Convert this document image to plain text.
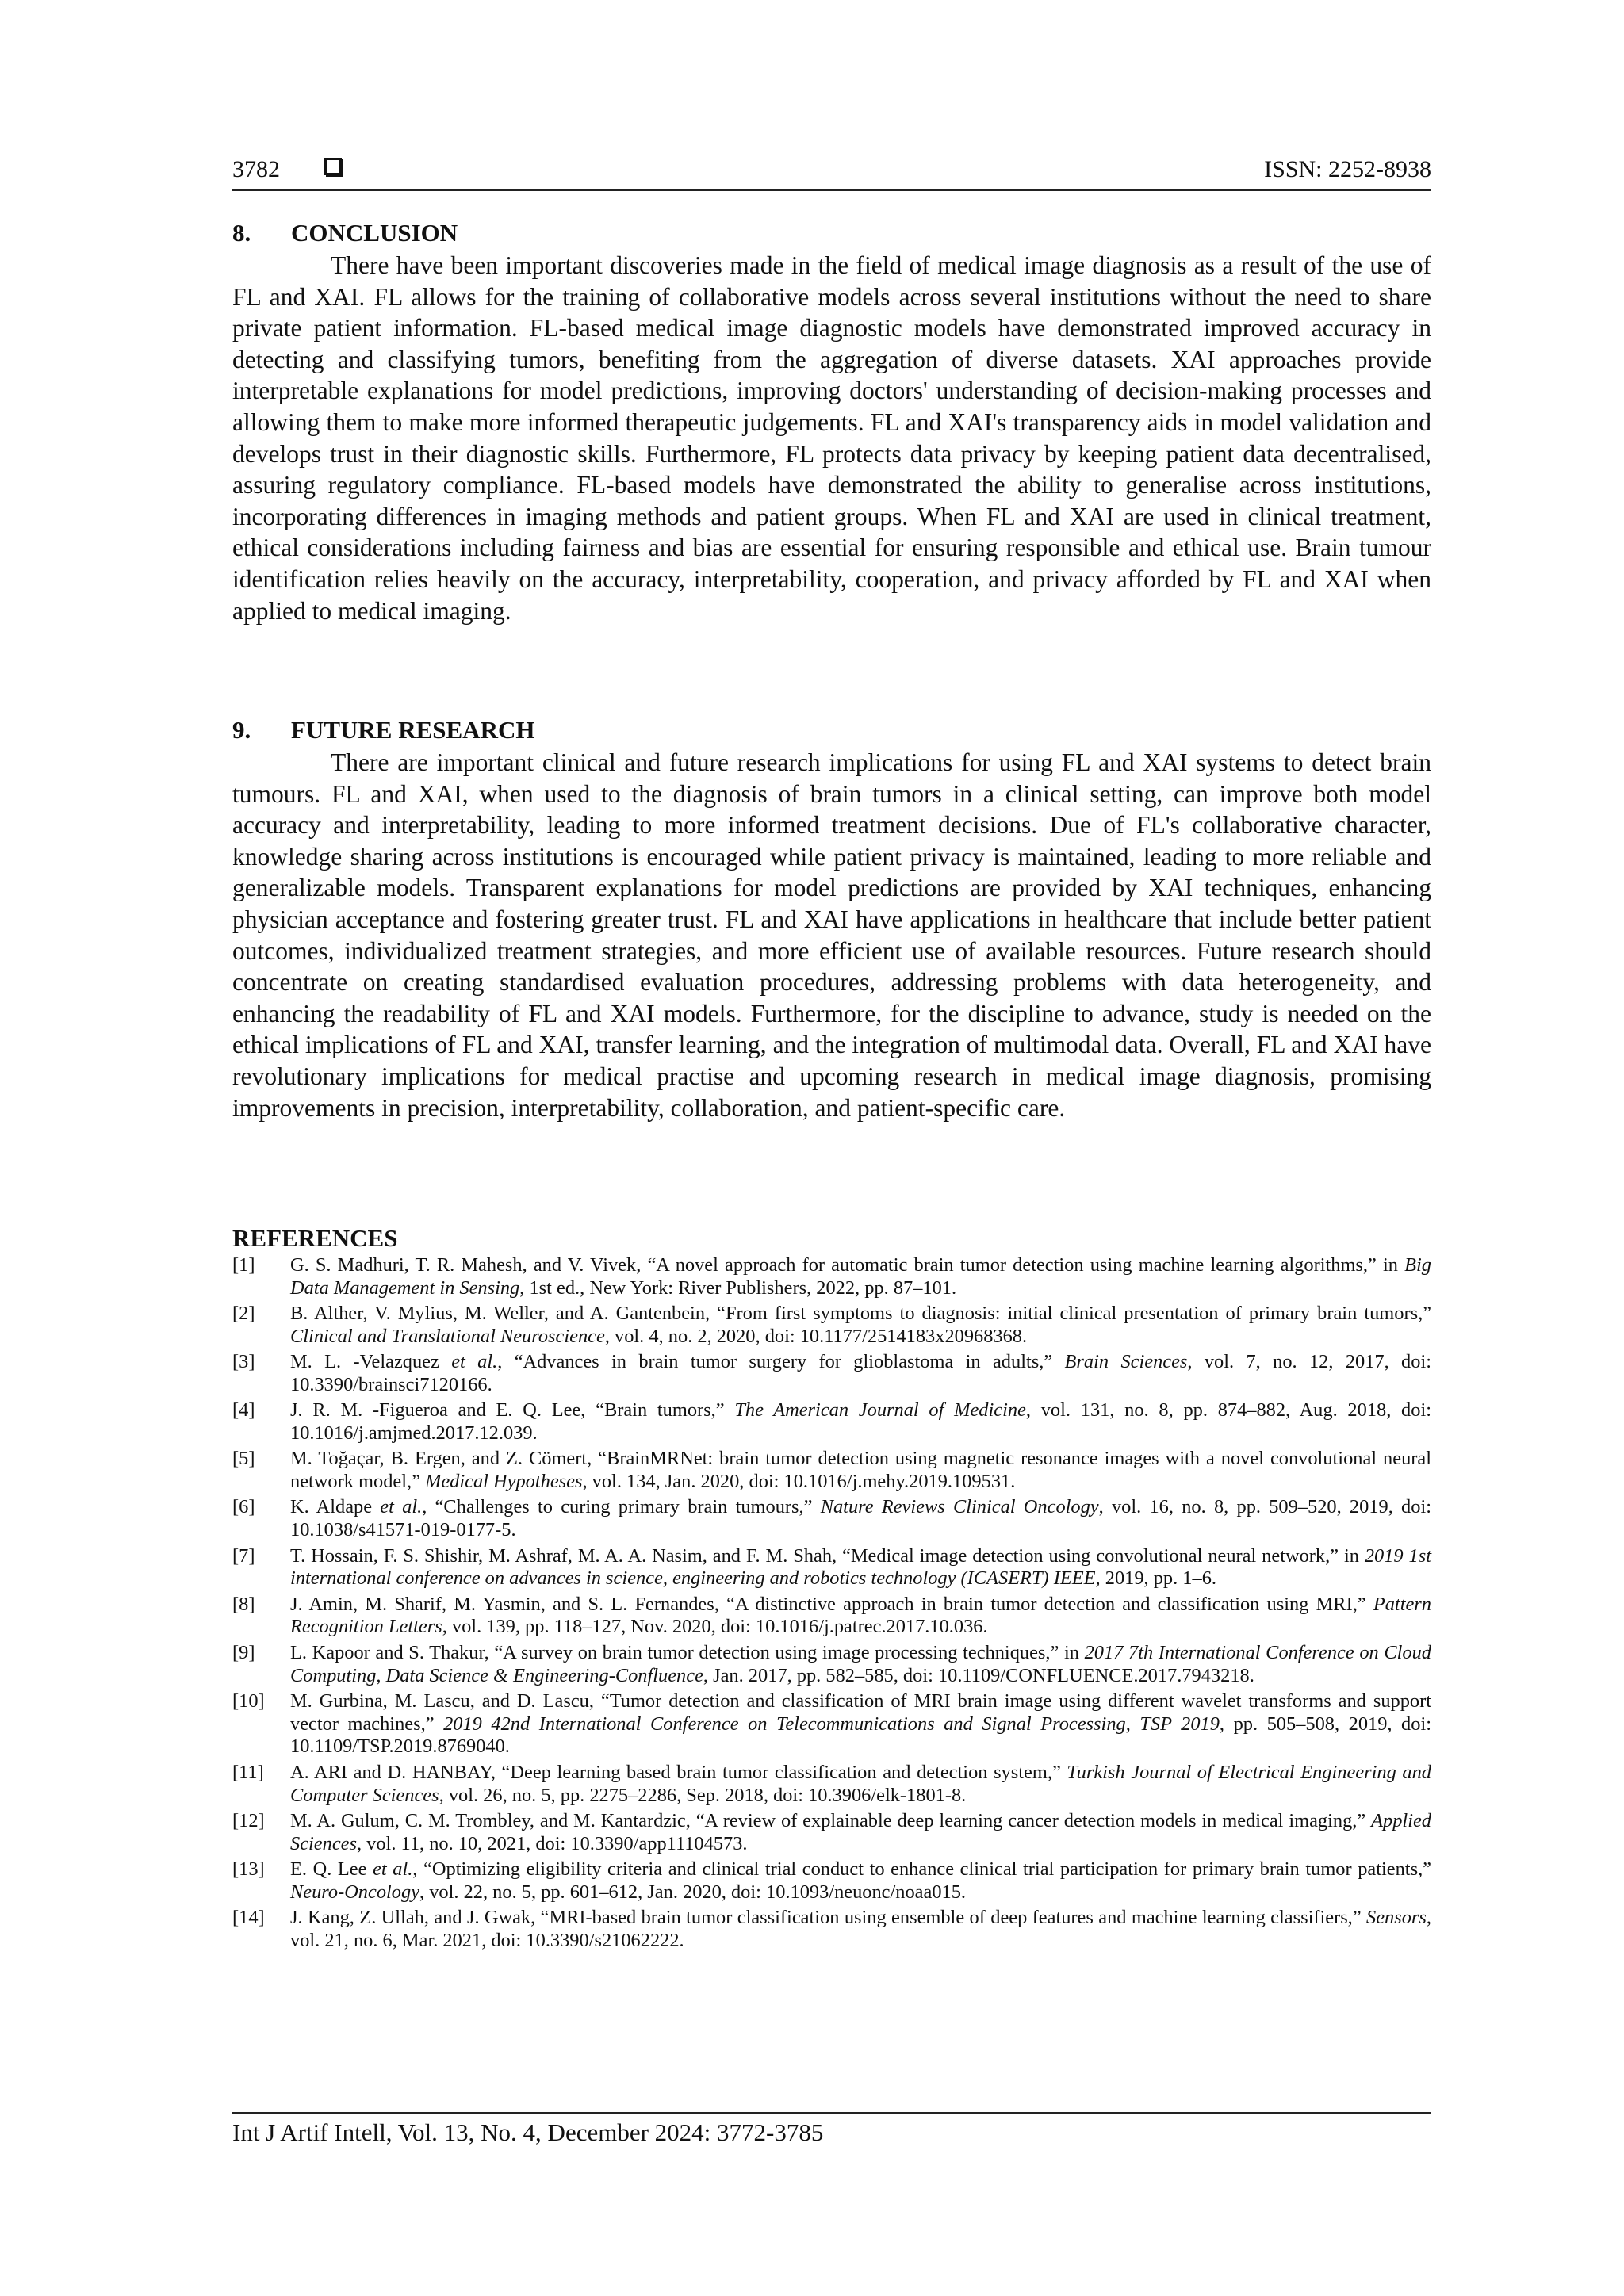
3782	ISSN: 2252-8938
8. CONCLUSION

There have been important discoveries made in the field of medical image diagnosis as a result of the use of FL and XAI. FL allows for the training of collaborative models across several institutions without the need to share private patient information. FL-based medical image diagnostic models have demonstrated improved accuracy in detecting and classifying tumors, benefiting from the aggregation of diverse datasets. XAI approaches provide interpretable explanations for model predictions, improving doctors' understanding of decision-making processes and allowing them to make more informed therapeutic judgements. FL and XAI's transparency aids in model validation and develops trust in their diagnostic skills. Furthermore, FL protects data privacy by keeping patient data decentralised, assuring regulatory compliance. FL-based models have demonstrated the ability to generalise across institutions, incorporating differences in imaging methods and patient groups. When FL and XAI are used in clinical treatment, ethical considerations including fairness and bias are essential for ensuring responsible and ethical use. Brain tumour identification relies heavily on the accuracy, interpretability, cooperation, and privacy afforded by FL and XAI when applied to medical imaging.

9. FUTURE RESEARCH

There are important clinical and future research implications for using FL and XAI systems to detect brain tumours. FL and XAI, when used to the diagnosis of brain tumors in a clinical setting, can improve both model accuracy and interpretability, leading to more informed treatment decisions. Due of FL's collaborative character, knowledge sharing across institutions is encouraged while patient privacy is maintained, leading to more reliable and generalizable models. Transparent explanations for model predictions are provided by XAI techniques, enhancing physician acceptance and fostering greater trust. FL and XAI have applications in healthcare that include better patient outcomes, individualized treatment strategies, and more efficient use of available resources. Future research should concentrate on creating standardised evaluation procedures, addressing problems with data heterogeneity, and enhancing the readability of FL and XAI models. Furthermore, for the discipline to advance, study is needed on the ethical implications of FL and XAI, transfer learning, and the integration of multimodal data. Overall, FL and XAI have revolutionary implications for medical practise and upcoming research in medical image diagnosis, promising improvements in precision, interpretability, collaboration, and patient-specific care.

REFERENCES
[1] G. S. Madhuri, T. R. Mahesh, and V. Vivek, “A novel approach for automatic brain tumor detection using machine learning algorithms,” in Big Data Management in Sensing, 1st ed., New York: River Publishers, 2022, pp. 87–101.
[2] B. Alther, V. Mylius, M. Weller, and A. Gantenbein, “From first symptoms to diagnosis: initial clinical presentation of primary brain tumors,” Clinical and Translational Neuroscience, vol. 4, no. 2, 2020, doi: 10.1177/2514183x20968368.
[3] M. L. -Velazquez et al., “Advances in brain tumor surgery for glioblastoma in adults,” Brain Sciences, vol. 7, no. 12, 2017, doi: 10.3390/brainsci7120166.
[4] J. R. M. -Figueroa and E. Q. Lee, “Brain tumors,” The American Journal of Medicine, vol. 131, no. 8, pp. 874–882, Aug. 2018, doi: 10.1016/j.amjmed.2017.12.039.
[5] M. Toğaçar, B. Ergen, and Z. Cömert, “BrainMRNet: brain tumor detection using magnetic resonance images with a novel convolutional neural network model,” Medical Hypotheses, vol. 134, Jan. 2020, doi: 10.1016/j.mehy.2019.109531.
[6] K. Aldape et al., “Challenges to curing primary brain tumours,” Nature Reviews Clinical Oncology, vol. 16, no. 8, pp. 509–520, 2019, doi: 10.1038/s41571-019-0177-5.
[7] T. Hossain, F. S. Shishir, M. Ashraf, M. A. A. Nasim, and F. M. Shah, “Medical image detection using convolutional neural network,” in 2019 1st international conference on advances in science, engineering and robotics technology (ICASERT) IEEE, 2019, pp. 1–6.
[8] J. Amin, M. Sharif, M. Yasmin, and S. L. Fernandes, “A distinctive approach in brain tumor detection and classification using MRI,” Pattern Recognition Letters, vol. 139, pp. 118–127, Nov. 2020, doi: 10.1016/j.patrec.2017.10.036.
[9] L. Kapoor and S. Thakur, “A survey on brain tumor detection using image processing techniques,” in 2017 7th International Conference on Cloud Computing, Data Science & Engineering-Confluence, Jan. 2017, pp. 582–585, doi: 10.1109/CONFLUENCE.2017.7943218.
[10] M. Gurbina, M. Lascu, and D. Lascu, “Tumor detection and classification of MRI brain image using different wavelet transforms and support vector machines,” 2019 42nd International Conference on Telecommunications and Signal Processing, TSP 2019, pp. 505–508, 2019, doi: 10.1109/TSP.2019.8769040.
[11] A. ARI and D. HANBAY, “Deep learning based brain tumor classification and detection system,” Turkish Journal of Electrical Engineering and Computer Sciences, vol. 26, no. 5, pp. 2275–2286, Sep. 2018, doi: 10.3906/elk-1801-8.
[12] M. A. Gulum, C. M. Trombley, and M. Kantardzic, “A review of explainable deep learning cancer detection models in medical imaging,” Applied Sciences, vol. 11, no. 10, 2021, doi: 10.3390/app11104573.
[13] E. Q. Lee et al., “Optimizing eligibility criteria and clinical trial conduct to enhance clinical trial participation for primary brain tumor patients,” Neuro-Oncology, vol. 22, no. 5, pp. 601–612, Jan. 2020, doi: 10.1093/neuonc/noaa015.
[14] J. Kang, Z. Ullah, and J. Gwak, “MRI-based brain tumor classification using ensemble of deep features and machine learning classifiers,” Sensors, vol. 21, no. 6, Mar. 2021, doi: 10.3390/s21062222.
Int J Artif Intell, Vol. 13, No. 4, December 2024: 3772-3785
